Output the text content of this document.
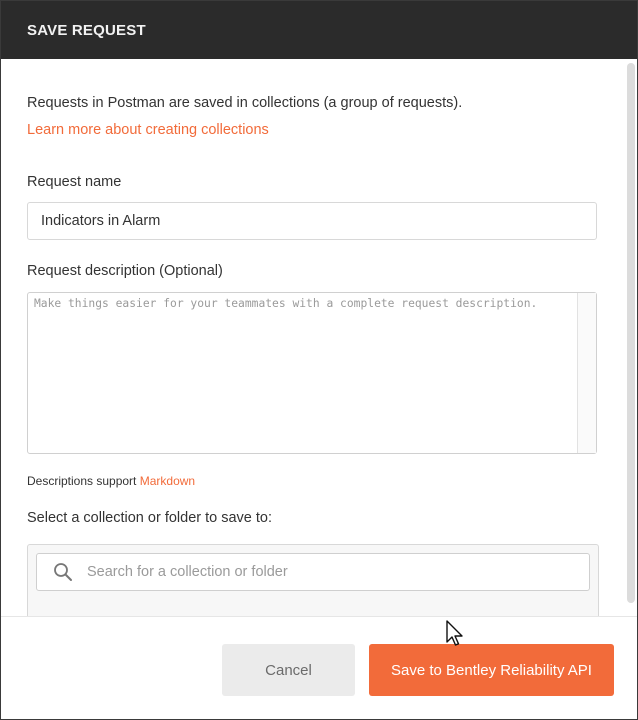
SAVE REQUEST
Requests in Postman are saved in collections (a group of requests).
Learn more about creating collections
Request name
Indicators in Alarm
Request description (Optional)
Make things easier for your teammates with a complete request description.
Descriptions support Markdown
Select a collection or folder to save to:
Search for a collection or folder
Cancel	Save to Bentley Reliability API
